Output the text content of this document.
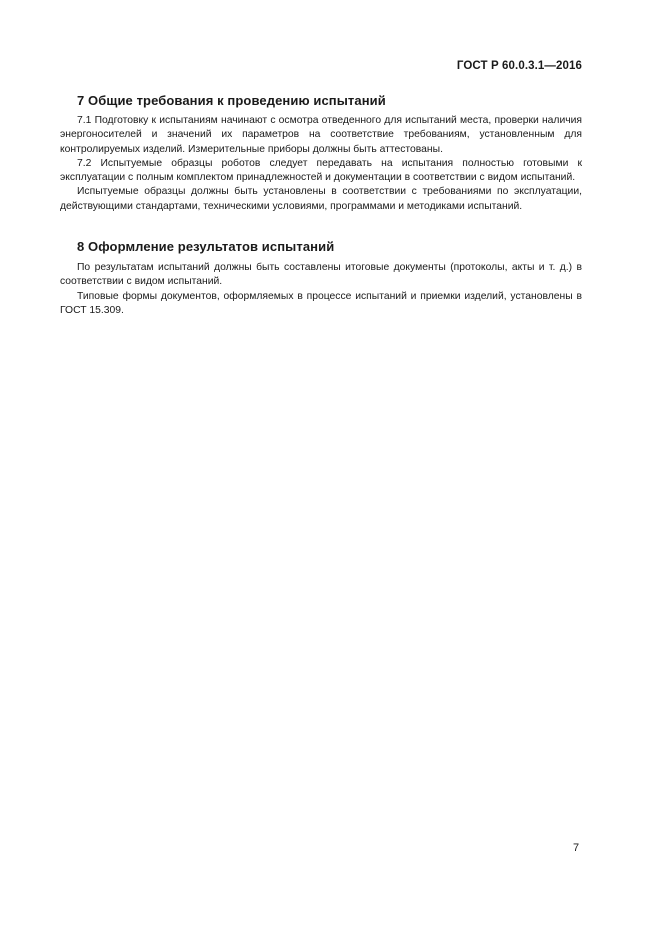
ГОСТ Р 60.0.3.1—2016
7 Общие требования к проведению испытаний

7.1 Подготовку к испытаниям начинают с осмотра отведенного для испытаний места, проверки наличия энергоносителей и значений их параметров на соответствие требованиям, установленным для контролируемых изделий. Измерительные приборы должны быть аттестованы.

7.2 Испытуемые образцы роботов следует передавать на испытания полностью готовыми к эксплуатации с полным комплектом принадлежностей и документации в соответствии с видом испытаний.

Испытуемые образцы должны быть установлены в соответствии с требованиями по эксплуатации, действующими стандартами, техническими условиями, программами и методиками испытаний.

8 Оформление результатов испытаний

По результатам испытаний должны быть составлены итоговые документы (протоколы, акты и т. д.) в соответствии с видом испытаний.

Типовые формы документов, оформляемых в процессе испытаний и приемки изделий, установлены в ГОСТ 15.309.

7
